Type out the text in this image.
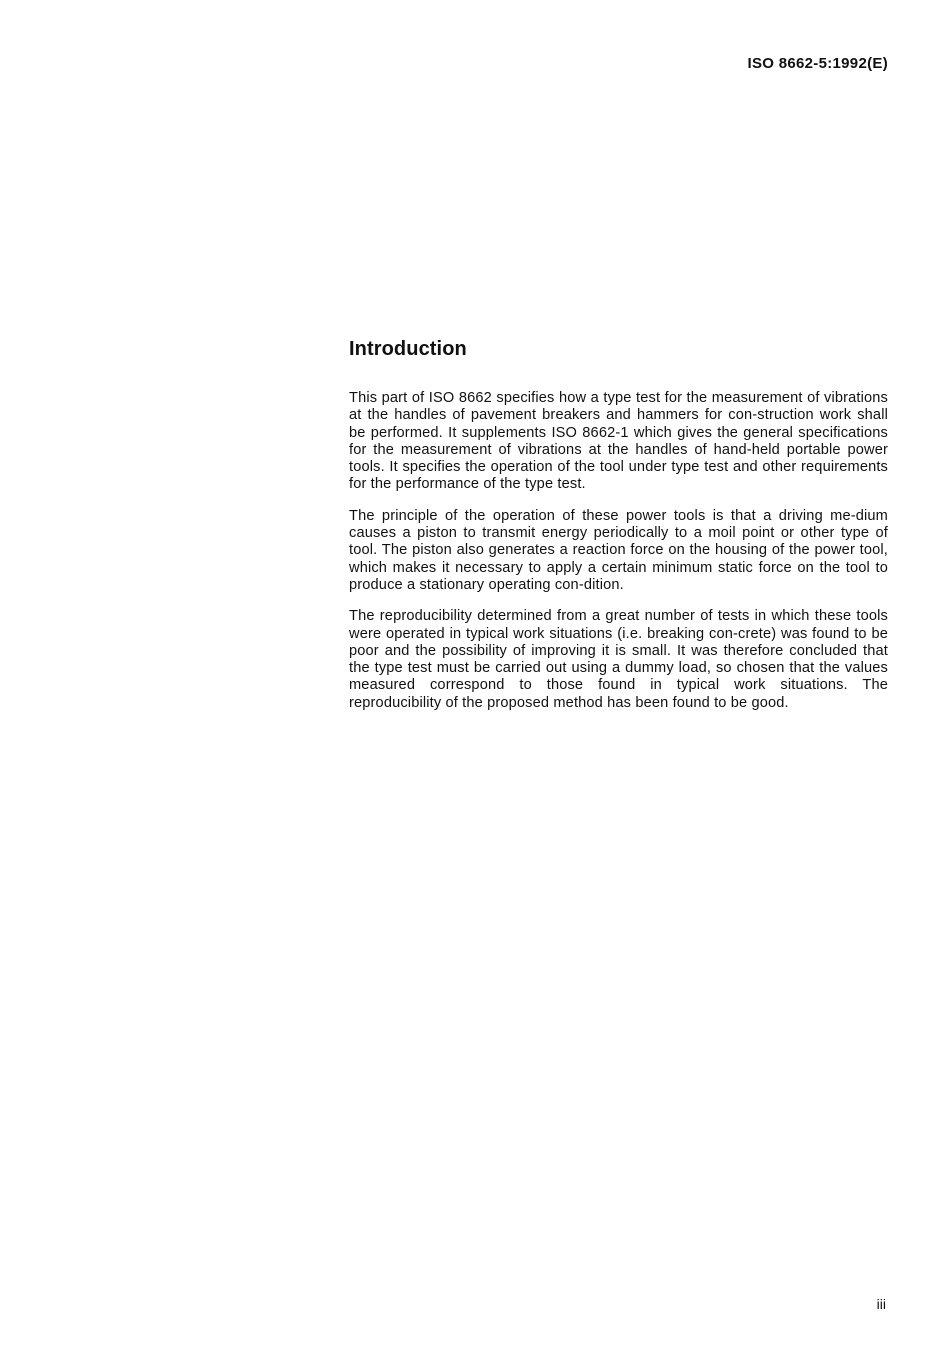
ISO 8662-5:1992(E)

Introduction

This part of ISO 8662 specifies how a type test for the measurement of vibrations at the handles of pavement breakers and hammers for con-struction work shall be performed. It supplements ISO 8662-1 which gives the general specifications for the measurement of vibrations at the handles of hand-held portable power tools. It specifies the operation of the tool under type test and other requirements for the performance of the type test.

The principle of the operation of these power tools is that a driving me-dium causes a piston to transmit energy periodically to a moil point or other type of tool. The piston also generates a reaction force on the housing of the power tool, which makes it necessary to apply a certain minimum static force on the tool to produce a stationary operating con-dition.

The reproducibility determined from a great number of tests in which these tools were operated in typical work situations (i.e. breaking con-crete) was found to be poor and the possibility of improving it is small. It was therefore concluded that the type test must be carried out using a dummy load, so chosen that the values measured correspond to those found in typical work situations. The reproducibility of the proposed method has been found to be good.

iii
